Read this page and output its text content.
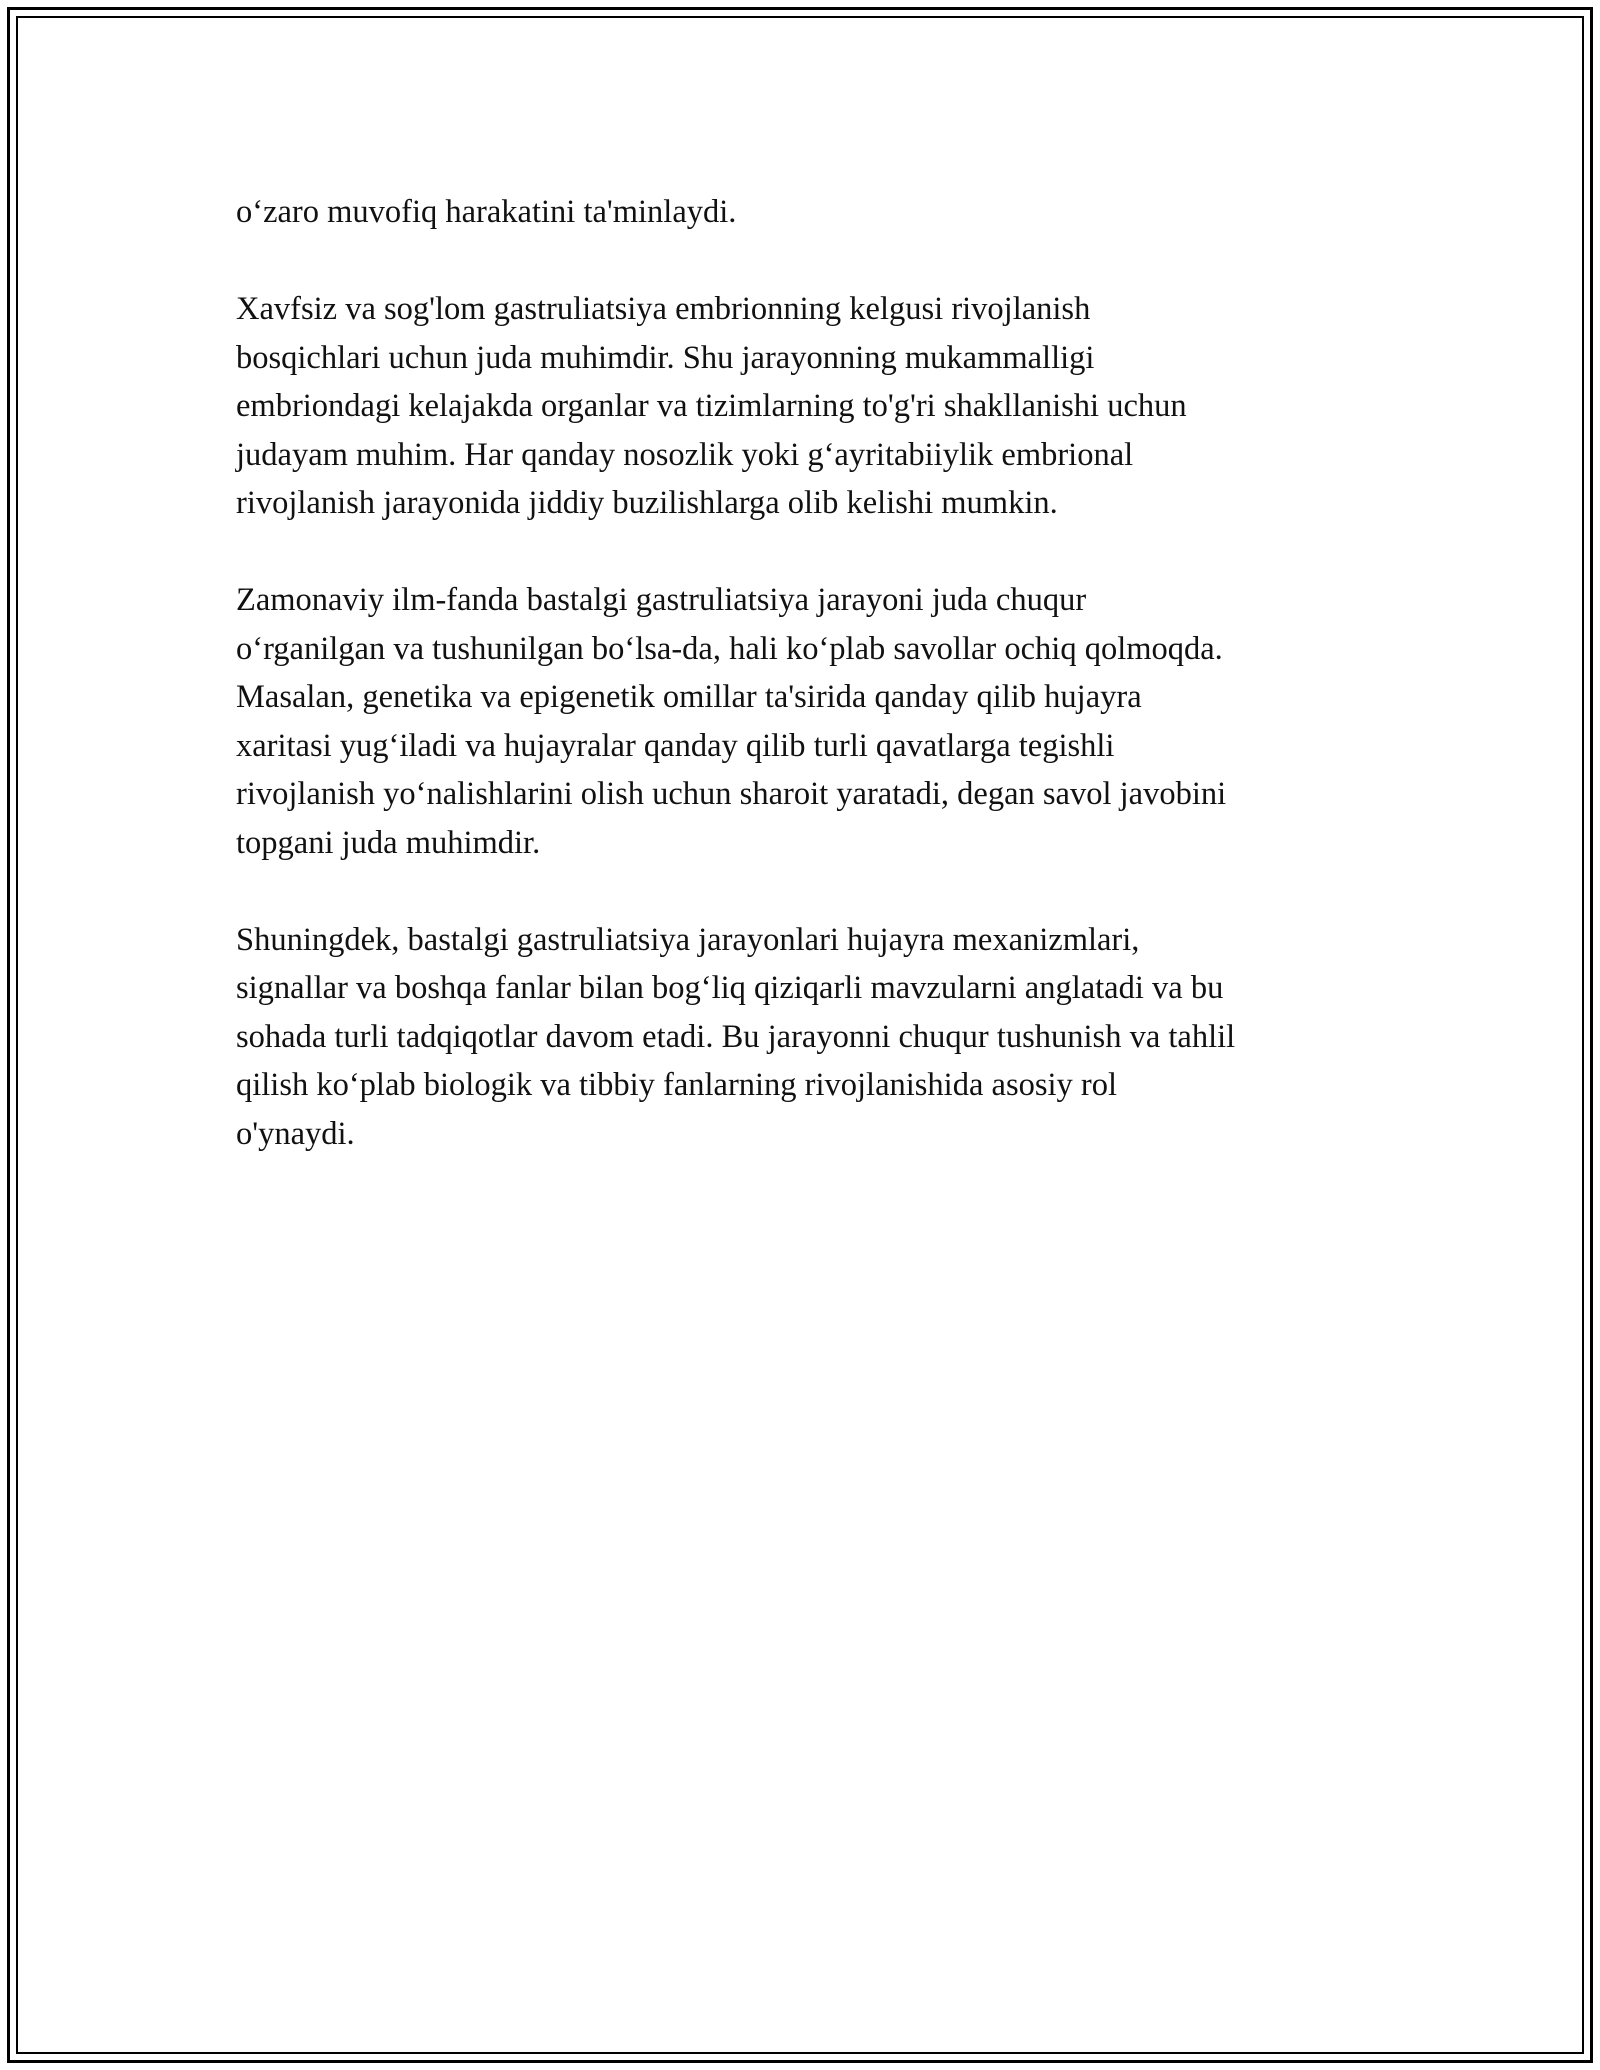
o‘zaro muvofiq harakatini ta'minlaydi.

Xavfsiz va sog'lom gastruliatsiya embrionning kelgusi rivojlanish
bosqichlari uchun juda muhimdir. Shu jarayonning mukammalligi
embriondagi kelajakda organlar va tizimlarning to'g'ri shakllanishi uchun
judayam muhim. Har qanday nosozlik yoki g‘ayritabiiylik embrional
rivojlanish jarayonida jiddiy buzilishlarga olib kelishi mumkin.

Zamonaviy ilm-fanda bastalgi gastruliatsiya jarayoni juda chuqur
o‘rganilgan va tushunilgan bo‘lsa-da, hali ko‘plab savollar ochiq qolmoqda.
Masalan, genetika va epigenetik omillar ta'sirida qanday qilib hujayra
xaritasi yug‘iladi va hujayralar qanday qilib turli qavatlarga tegishli
rivojlanish yo‘nalishlarini olish uchun sharoit yaratadi, degan savol javobini
topgani juda muhimdir.

Shuningdek, bastalgi gastruliatsiya jarayonlari hujayra mexanizmlari,
signallar va boshqa fanlar bilan bog‘liq qiziqarli mavzularni anglatadi va bu
sohada turli tadqiqotlar davom etadi. Bu jarayonni chuqur tushunish va tahlil
qilish ko‘plab biologik va tibbiy fanlarning rivojlanishida asosiy rol
o'ynaydi.
